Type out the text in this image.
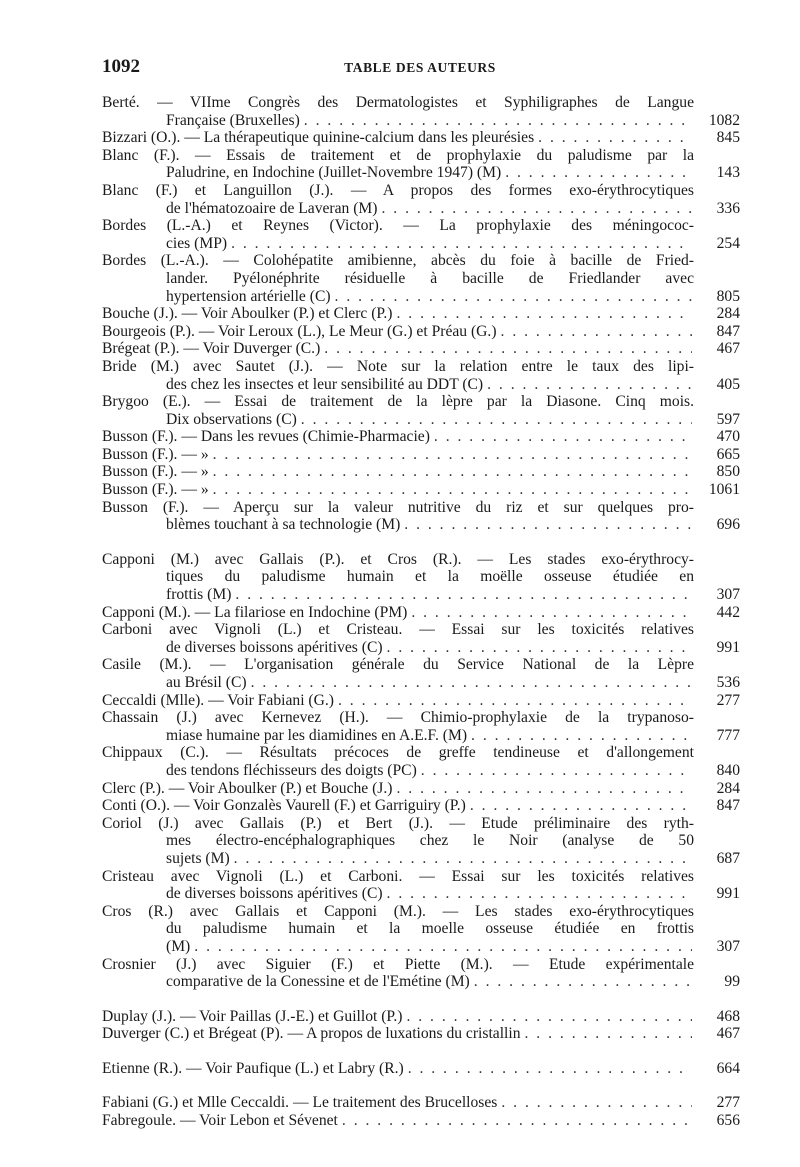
1092	TABLE DES AUTEURS
Berté. — VIIme Congrès des Dermatologistes et Syphiligraphes de Langue
Française (Bruxelles) . . .	1082
Bizzari (O.). — La thérapeutique quinine-calcium dans les pleurésies . . .	845
Blanc (F.). — Essais de traitement et de prophylaxie du paludisme par la
Paludrine, en Indochine (Juillet-Novembre 1947) (M) . . .	143
Blanc (F.) et Languillon (J.). — A propos des formes exo-érythrocytiques
de l'hématozoaire de Laveran (M) . . .	336
Bordes (L.-A.) et Reynes (Victor). — La prophylaxie des méningococ-
cies (MP) . . .	254
Bordes (L.-A.). — Colohépatite amibienne, abcès du foie à bacille de Fried-
lander. Pyélonéphrite résiduelle à bacille de Friedlander avec
hypertension artérielle (C) . . .	805
Bouche (J.). — Voir Aboulker (P.) et Clerc (P.) . . .	284
Bourgeois (P.). — Voir Leroux (L.), Le Meur (G.) et Préau (G.) . . .	847
Brégeat (P.). — Voir Duverger (C.) . . .	467
Bride (M.) avec Sautet (J.). — Note sur la relation entre le taux des lipi-
des chez les insectes et leur sensibilité au DDT (C) . . .	405
Brygoo (E.). — Essai de traitement de la lèpre par la Diasone. Cinq mois.
Dix observations (C) . . .	597
Busson (F.). — Dans les revues (Chimie-Pharmacie) . . .	470
Busson (F.). — » . . .	665
Busson (F.). — » . . .	850
Busson (F.). — » . . .	1061
Busson (F.). — Aperçu sur la valeur nutritive du riz et sur quelques pro-
blèmes touchant à sa technologie (M) . . .	696
Capponi (M.) avec Gallais (P.). et Cros (R.). — Les stades exo-érythrocy-
tiques du paludisme humain et la moëlle osseuse étudiée en
frottis (M) . . .	307
Capponi (M.). — La filariose en Indochine (PM) . . .	442
Carboni avec Vignoli (L.) et Cristeau. — Essai sur les toxicités relatives
de diverses boissons apéritives (C) . . .	991
Casile (M.). — L'organisation générale du Service National de la Lèpre
au Brésil (C) . . .	536
Ceccaldi (Mlle). — Voir Fabiani (G.) . . .	277
Chassain (J.) avec Kernevez (H.). — Chimio-prophylaxie de la trypanoso-
miase humaine par les diamidines en A.E.F. (M) . . .	777
Chippaux (C.). — Résultats précoces de greffe tendineuse et d'allongement
des tendons fléchisseurs des doigts (PC) . . .	840
Clerc (P.). — Voir Aboulker (P.) et Bouche (J.) . . .	284
Conti (O.). — Voir Gonzalès Vaurell (F.) et Garriguiry (P.) . . .	847
Coriol (J.) avec Gallais (P.) et Bert (J.). — Etude préliminaire des ryth-
mes électro-encéphalographiques chez le Noir (analyse de 50
sujets (M) . . .	687
Cristeau avec Vignoli (L.) et Carboni. — Essai sur les toxicités relatives
de diverses boissons apéritives (C) . . .	991
Cros (R.) avec Gallais et Capponi (M.). — Les stades exo-érythrocytiques
du paludisme humain et la moelle osseuse étudiée en frottis
(M) . . .	307
Crosnier (J.) avec Siguier (F.) et Piette (M.). — Etude expérimentale
comparative de la Conessine et de l'Emétine (M) . . .	99
Duplay (J.). — Voir Paillas (J.-E.) et Guillot (P.) . . .	468
Duverger (C.) et Brégeat (P). — A propos de luxations du cristallin . . .	467
Etienne (R.). — Voir Paufique (L.) et Labry (R.) . . .	664
Fabiani (G.) et Mlle Ceccaldi. — Le traitement des Brucelloses . . .	277
Fabregoule. — Voir Lebon et Sévenet . . .	656
